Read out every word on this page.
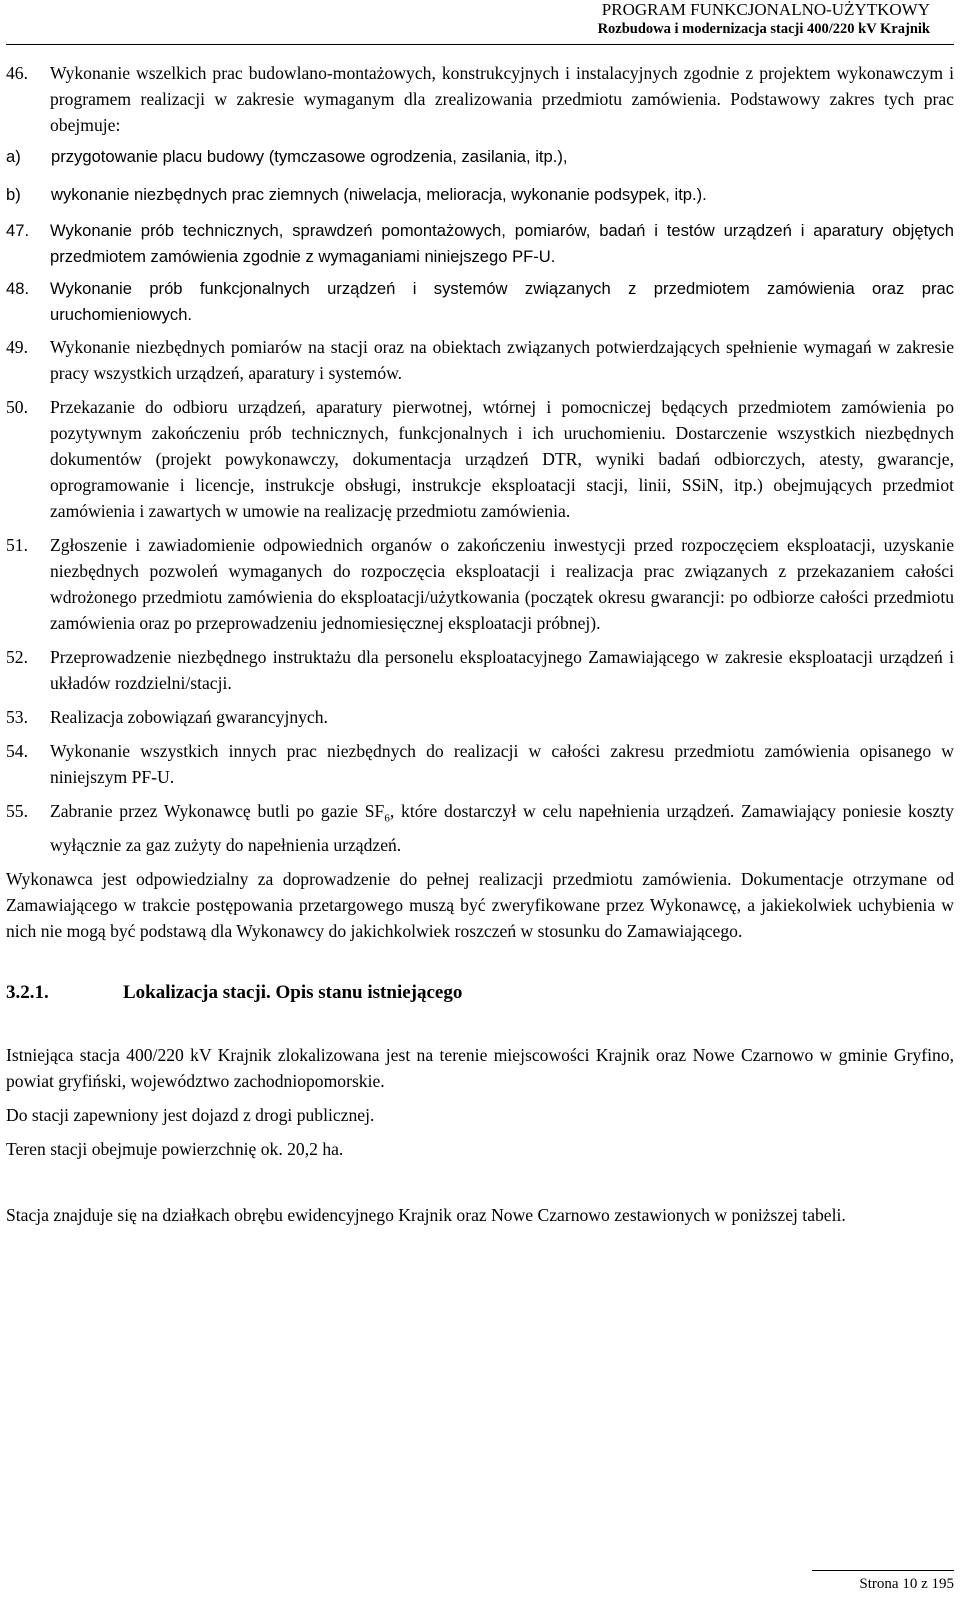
PROGRAM FUNKCJONALNO-UŻYTKOWY
Rozbudowa i modernizacja stacji 400/220 kV Krajnik
46.	Wykonanie wszelkich prac budowlano-montażowych, konstrukcyjnych i instalacyjnych zgodnie z projektem wykonawczym i programem realizacji w zakresie wymaganym dla zrealizowania przedmiotu zamówienia. Podstawowy zakres tych prac obejmuje:
a)	przygotowanie placu budowy (tymczasowe ogrodzenia, zasilania, itp.),
b)	wykonanie niezbędnych prac ziemnych (niwelacja, melioracja, wykonanie podsypek, itp.).
47.	Wykonanie prób technicznych, sprawdzeń pomontażowych, pomiarów, badań i testów urządzeń i aparatury objętych przedmiotem zamówienia zgodnie z wymaganiami niniejszego PF-U.
48.	Wykonanie prób funkcjonalnych urządzeń i systemów związanych z przedmiotem zamówienia oraz prac uruchomieniowych.
49.	Wykonanie niezbędnych pomiarów na stacji oraz na obiektach związanych potwierdzających spełnienie wymagań w zakresie pracy wszystkich urządzeń, aparatury i systemów.
50.	Przekazanie do odbioru urządzeń, aparatury pierwotnej, wtórnej i pomocniczej będących przedmiotem zamówienia po pozytywnym zakończeniu prób technicznych, funkcjonalnych i ich uruchomieniu. Dostarczenie wszystkich niezbędnych dokumentów (projekt powykonawczy, dokumentacja urządzeń DTR, wyniki badań odbiorczych, atesty, gwarancje, oprogramowanie i licencje, instrukcje obsługi, instrukcje eksploatacji stacji, linii, SSiN, itp.) obejmujących przedmiot zamówienia i zawartych w umowie na realizację przedmiotu zamówienia.
51.	Zgłoszenie i zawiadomienie odpowiednich organów o zakończeniu inwestycji przed rozpoczęciem eksploatacji, uzyskanie niezbędnych pozwoleń wymaganych do rozpoczęcia eksploatacji i realizacja prac związanych z przekazaniem całości wdrożonego przedmiotu zamówienia do eksploatacji/użytkowania (początek okresu gwarancji: po odbiorze całości przedmiotu zamówienia oraz po przeprowadzeniu jednomiesięcznej eksploatacji próbnej).
52.	Przeprowadzenie niezbędnego instruktażu dla personelu eksploatacyjnego Zamawiającego w zakresie eksploatacji urządzeń i układów rozdzielni/stacji.
53.	Realizacja zobowiązań gwarancyjnych.
54.	Wykonanie wszystkich innych prac niezbędnych do realizacji w całości zakresu przedmiotu zamówienia opisanego w niniejszym PF-U.
55.	Zabranie przez Wykonawcę butli po gazie $SF_6$, które dostarczył w celu napełnienia urządzeń. Zamawiający poniesie koszty wyłącznie za gaz zużyty do napełnienia urządzeń.
Wykonawca jest odpowiedzialny za doprowadzenie do pełnej realizacji przedmiotu zamówienia. Dokumentacje otrzymane od Zamawiającego w trakcie postępowania przetargowego muszą być zweryfikowane przez Wykonawcę, a jakiekolwiek uchybienia w nich nie mogą być podstawą dla Wykonawcy do jakichkolwiek roszczeń w stosunku do Zamawiającego.
3.2.1.	Lokalizacja stacji. Opis stanu istniejącego
Istniejąca stacja 400/220 kV Krajnik zlokalizowana jest na terenie miejscowości Krajnik oraz Nowe Czarnowo w gminie Gryfino, powiat gryfiński, województwo zachodniopomorskie.
Do stacji zapewniony jest dojazd z drogi publicznej.
Teren stacji obejmuje powierzchnię ok. 20,2 ha.
Stacja znajduje się na działkach obrębu ewidencyjnego Krajnik oraz Nowe Czarnowo zestawionych w poniższej tabeli.
Strona 10 z 195
